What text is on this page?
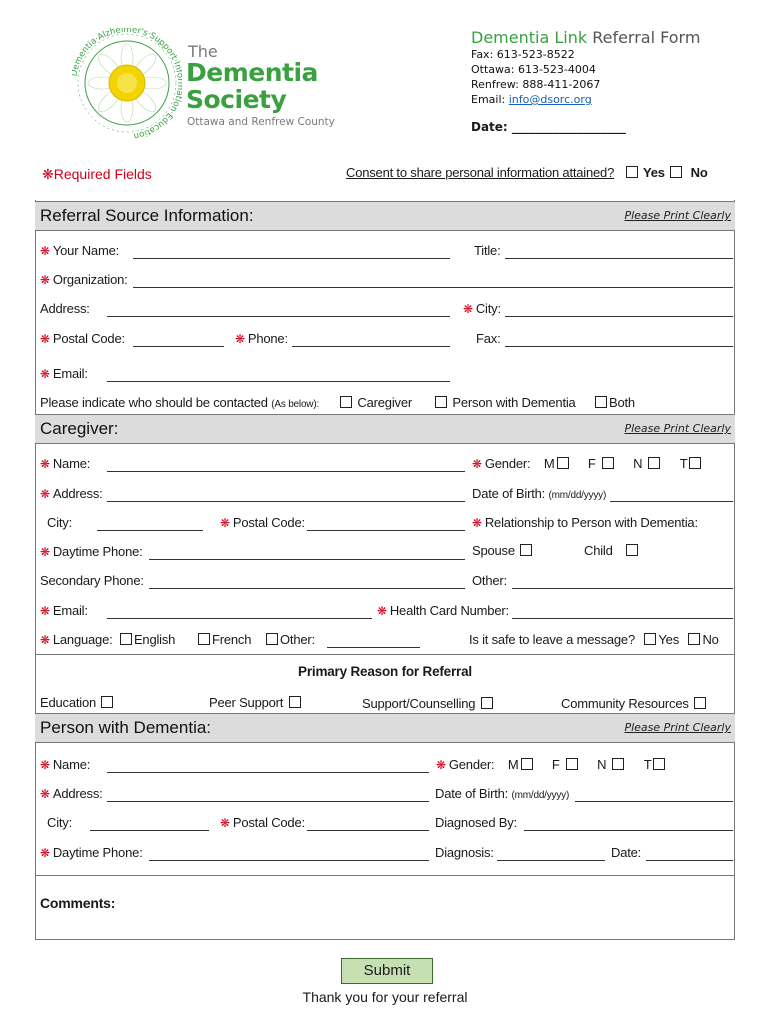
mentia·Alzheimer's·Support·I ion·Education
The
Dementia
Society
Ottawa and Renfrew County
Dementia Link Referral Form
Fax: 613-523-8522
Ottawa: 613-523-4004
Renfrew: 888-411-2067
Email: info@dsorc.org
Date: ___________________
❋Required Fields	Consent to share personal information attained? Yes No
Referral Source Information:	Please Print Clearly
❋ Your Name:	Title:
❋ Organization:
Address:	❋ City:
❋ Postal Code:	❋ Phone:	Fax:
❋ Email:
Please indicate who should be contacted (As below):	Caregiver	Person with Dementia	Both
Caregiver:	Please Print Clearly
❋ Name:	❋ Gender: M	F	N	T
❋ Address:	Date of Birth: (mm/dd/yyyy)
City:	❋ Postal Code:	❋ Relationship to Person with Dementia:
❋ Daytime Phone:	Spouse	Child
Secondary Phone:	Other:
❋ Email:	❋ Health Card Number:
❋ Language: English	French	Other:	Is it safe to leave a message? Yes No
Primary Reason for Referral
Education	Peer Support	Support/Counselling	Community Resources
Person with Dementia:	Please Print Clearly
❋ Name:	❋ Gender: M	F	N	T
❋ Address:	Date of Birth: (mm/dd/yyyy)
City:	❋ Postal Code:	Diagnosed By:
❋ Daytime Phone:	Diagnosis:	Date:
Comments:
Submit
Thank you for your referral
